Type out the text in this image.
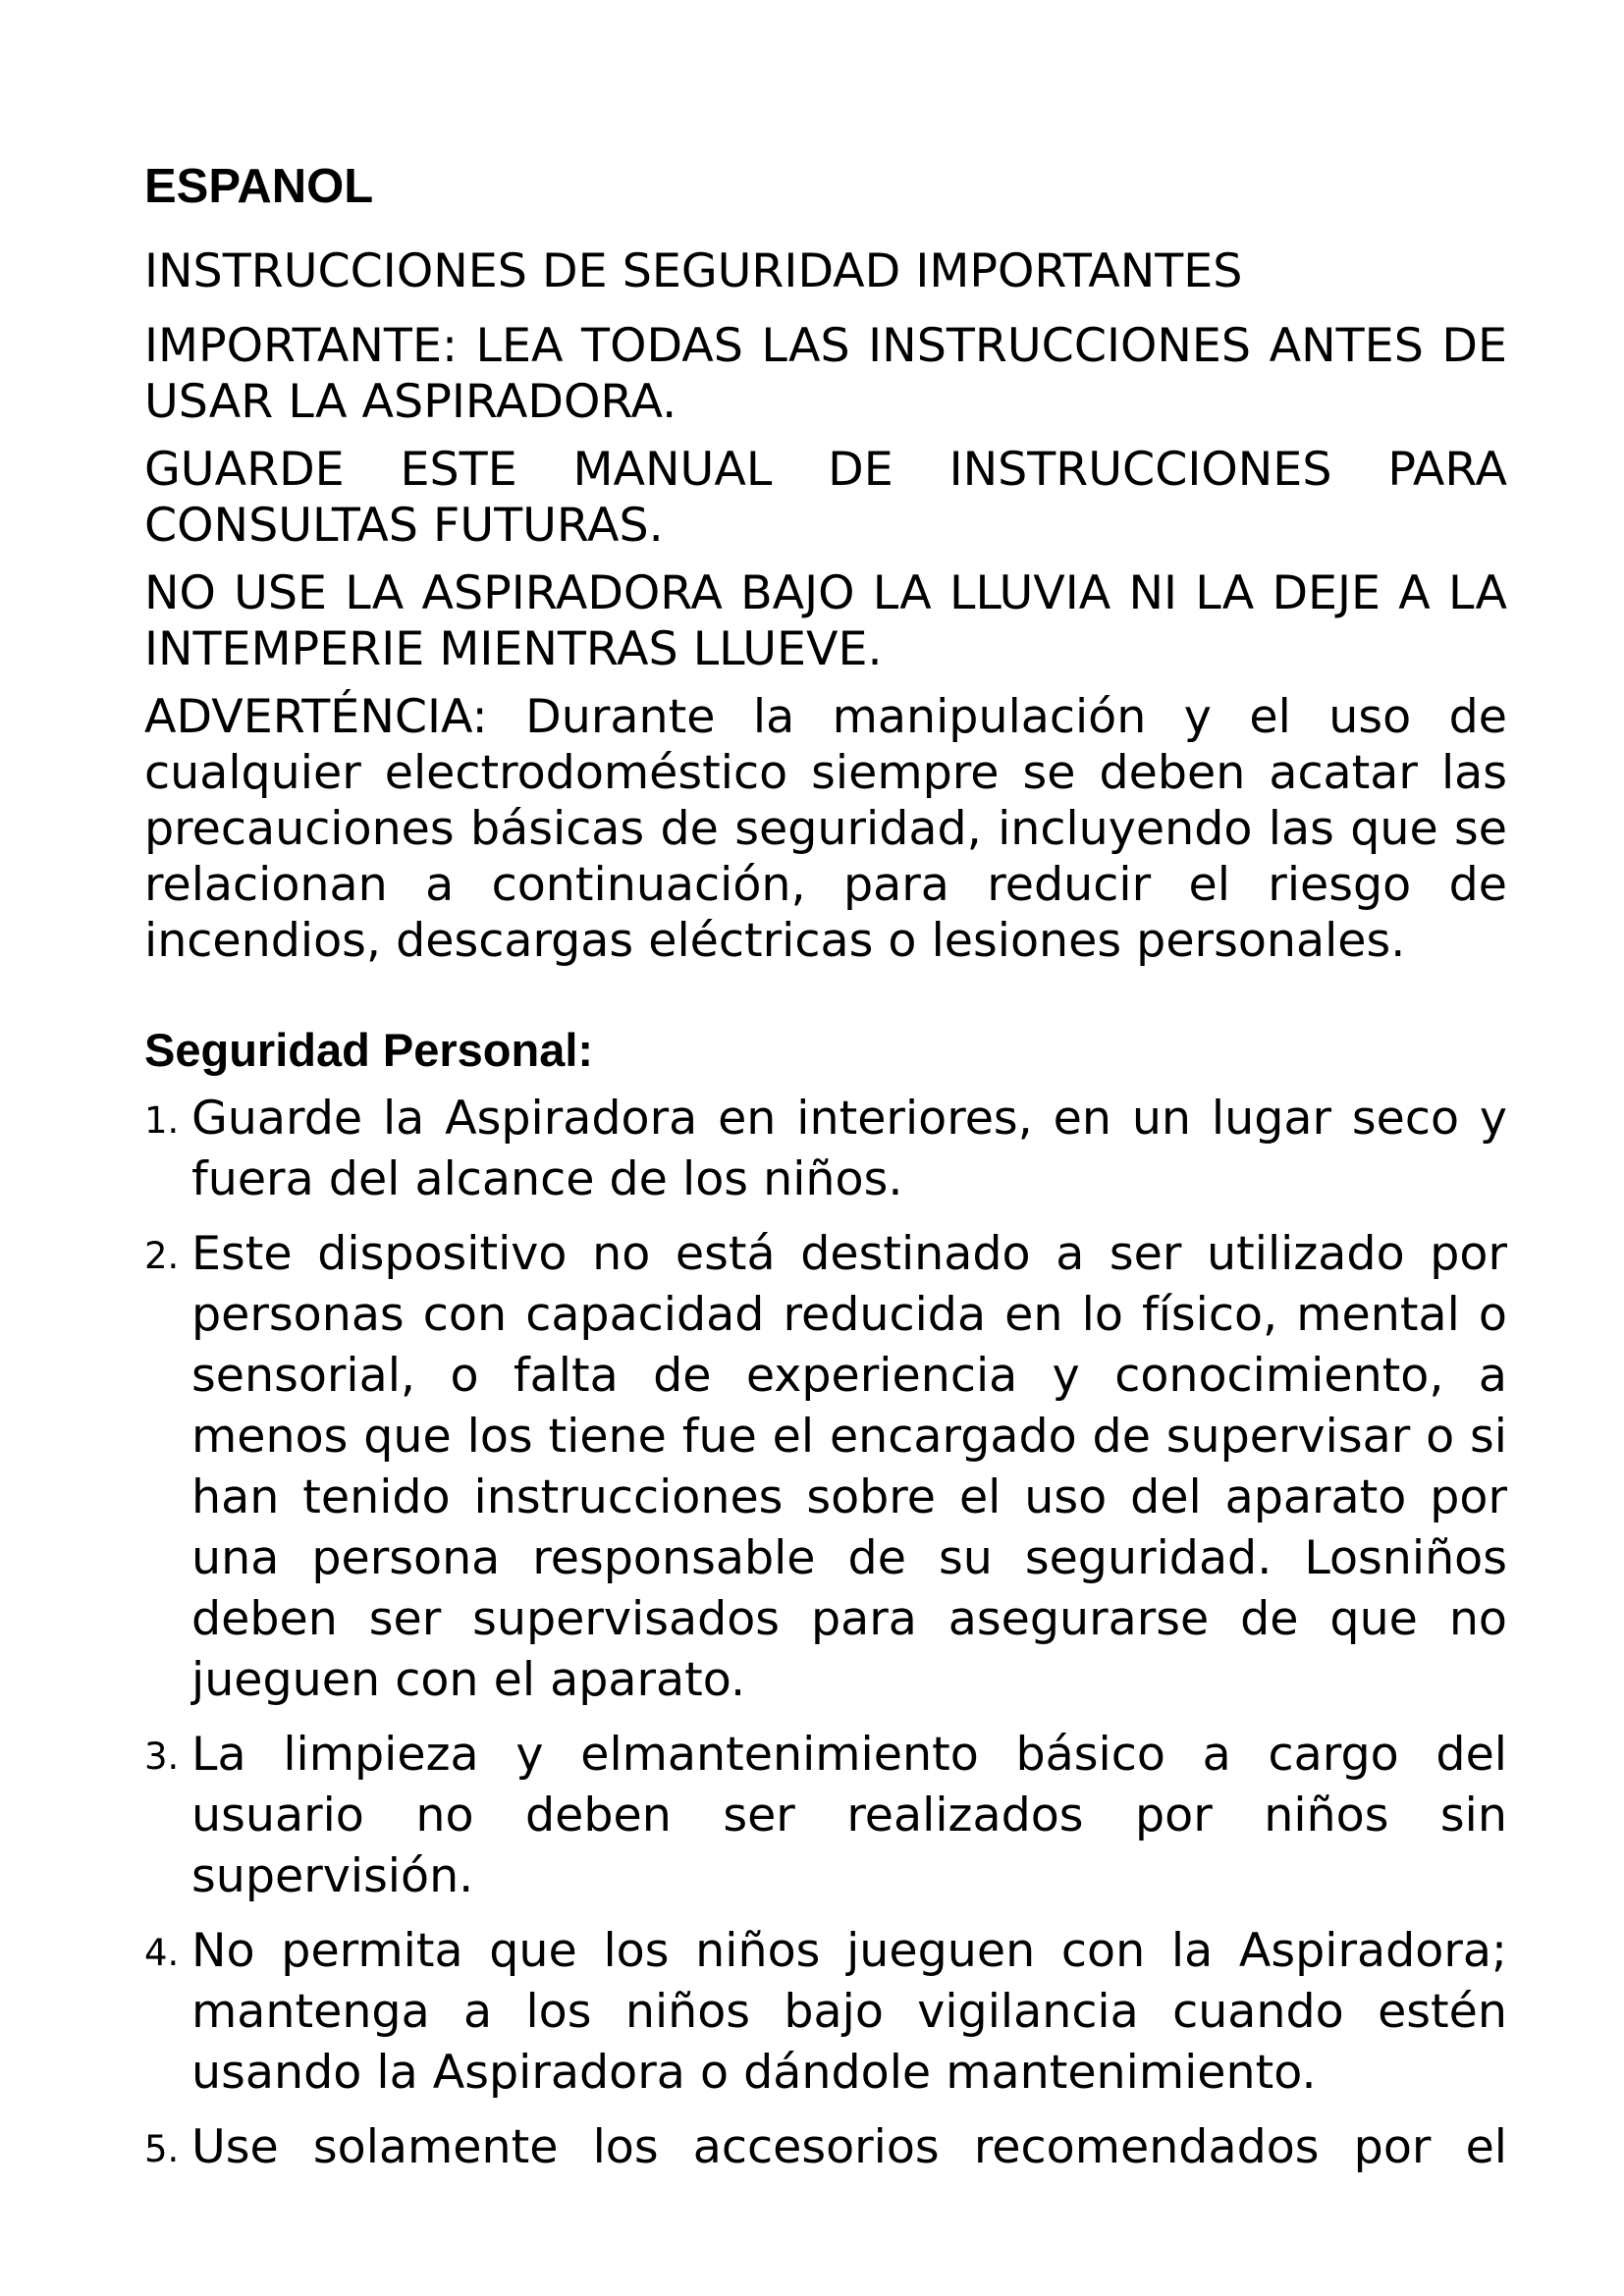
ESPANOL

INSTRUCCIONES DE SEGURIDAD IMPORTANTES

IMPORTANTE: LEA TODAS LAS INSTRUCCIONES ANTES DE USAR LA ASPIRADORA.

GUARDE ESTE MANUAL DE INSTRUCCIONES PARA CONSULTAS FUTURAS.

NO USE LA ASPIRADORA BAJO LA LLUVIA NI LA DEJE A LA INTEMPERIE MIENTRAS LLUEVE.

ADVERTÉNCIA: Durante la manipulación y el uso de cualquier electrodoméstico siempre se deben acatar las precauciones básicas de seguridad, incluyendo las que se relacionan a continuación, para reducir el riesgo de incendios, descargas eléctricas o lesiones personales.

Seguridad Personal:
1. Guarde la Aspiradora en interiores, en un lugar seco y fuera del alcance de los niños.
2. Este dispositivo no está destinado a ser utilizado por personas con capacidad reducida en lo físico, mental o sensorial, o falta de experiencia y conocimiento, a menos que los tiene fue el encargado de supervisar o si han tenido instrucciones sobre el uso del aparato por una persona responsable de su seguridad. Losniños deben ser supervisados para asegurarse de que no jueguen con el aparato.
3. La limpieza y elmantenimiento básico a cargo del usuario no deben ser realizados por niños sin supervisión.
4. No permita que los niños jueguen con la Aspiradora; mantenga a los niños bajo vigilancia cuando estén usando la Aspiradora o dándole mantenimiento.
5. Use solamente los accesorios recomendados por el
